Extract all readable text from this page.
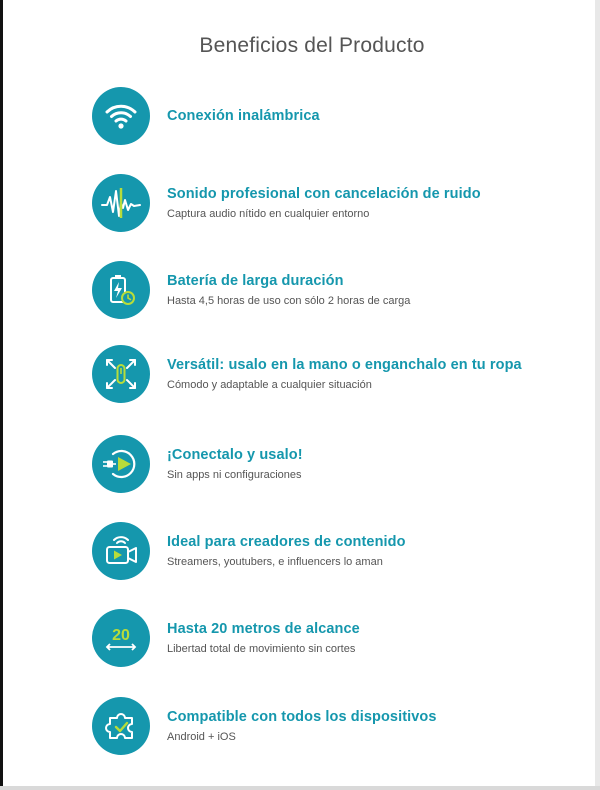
Beneficios del Producto
Conexión inalámbrica
Sonido profesional con cancelación de ruido
Captura audio nítido en cualquier entorno
Batería de larga duración
Hasta 4,5 horas de uso con sólo 2 horas de carga
Versátil: usalo en la mano o enganchalo en tu ropa
Cómodo y adaptable a cualquier situación
¡Conectalo y usalo!
Sin apps ni configuraciones
Ideal para creadores de contenido
Streamers, youtubers, e influencers lo aman
20	Hasta 20 metros de alcance
Libertad total de movimiento sin cortes
Compatible con todos los dispositivos
Android + iOS
